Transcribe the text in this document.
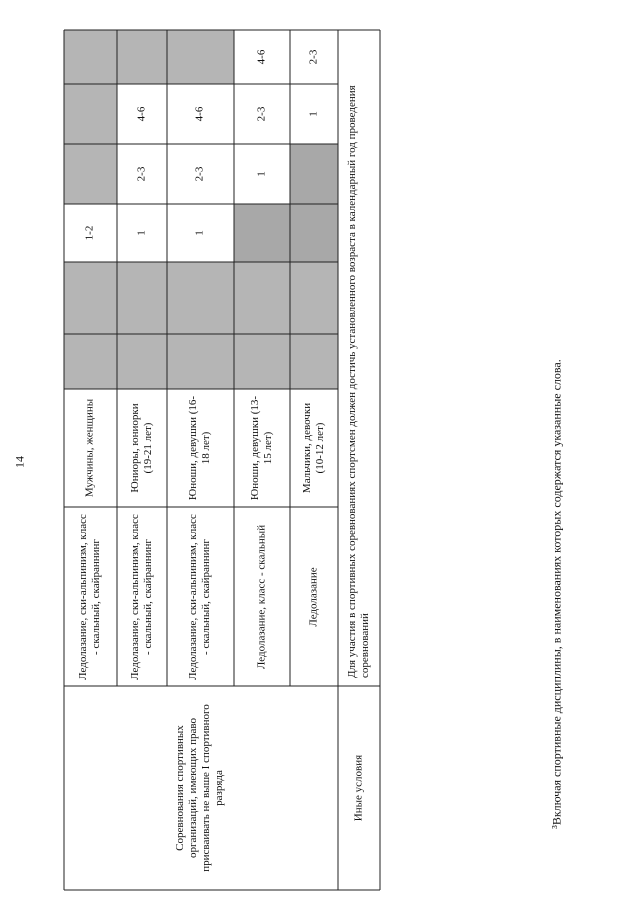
14
Соревнования спортивных организаций, имеющих право присваивать не выше I спортивного разряда
Ледолазание, ски-альпинизм, класс - скальный, скайраннинг
Мужчины, женщины
1-2
Ледолазание, ски-альпинизм, класс - скальный, скайраннинг
Юниоры, юниорки (19-21 лет)
1
2-3
4-6
Ледолазание, ски-альпинизм, класс - скальный, скайраннинг
Юноши, девушки (16-18 лет)
1
2-3
4-6
Ледолазание, класс - скальный
Юноши, девушки (13-15 лет)
1
2-3
4-6
Ледолазание
Мальчики, девочки (10-12 лет)
1
2-3
Иные условия
Для участия в спортивных соревнованиях спортсмен должен достичь установленного возраста в календарный год проведения соревнований	³Включая спортивные дисциплины, в наименованиях которых содержатся указанные слова.
